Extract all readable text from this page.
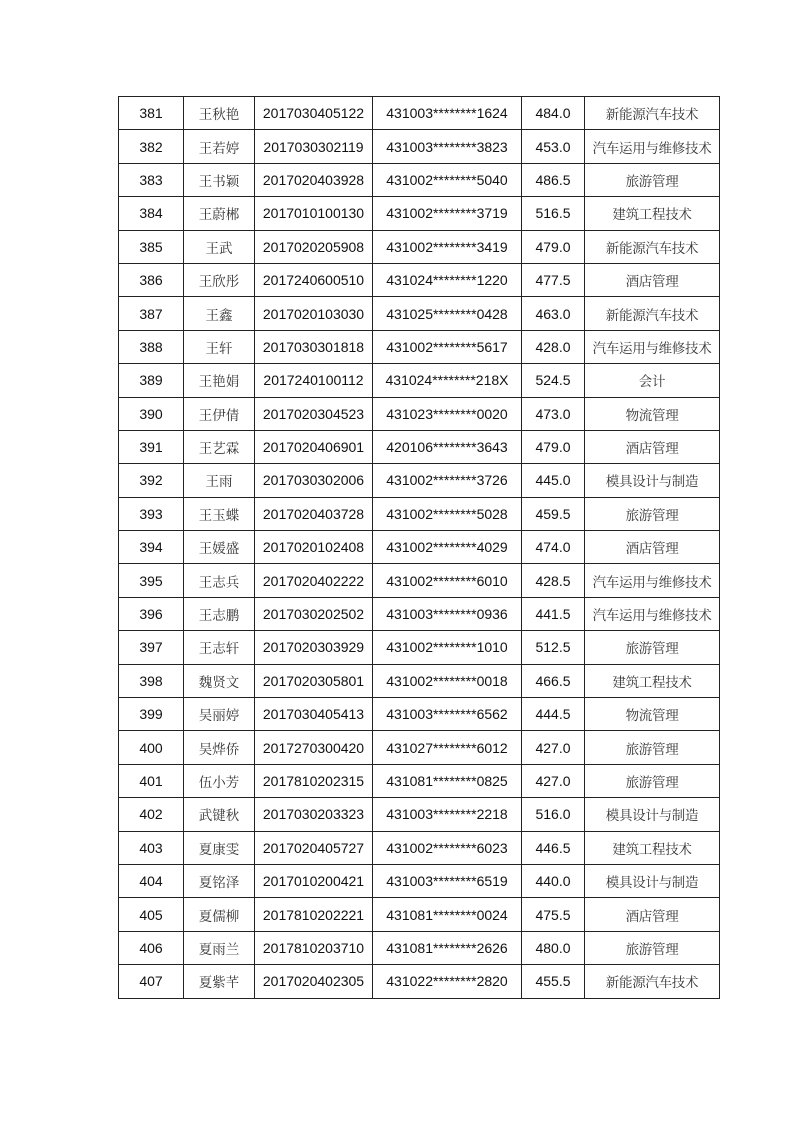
381	王秋艳	2017030405122	431003********1624	484.0	新能源汽车技术
382	王若婷	2017030302119	431003********3823	453.0	汽车运用与维修技术
383	王书颖	2017020403928	431002********5040	486.5	旅游管理
384	王蔚郴	2017010100130	431002********3719	516.5	建筑工程技术
385	王武	2017020205908	431002********3419	479.0	新能源汽车技术
386	王欣彤	2017240600510	431024********1220	477.5	酒店管理
387	王鑫	2017020103030	431025********0428	463.0	新能源汽车技术
388	王轩	2017030301818	431002********5617	428.0	汽车运用与维修技术
389	王艳娟	2017240100112	431024********218X	524.5	会计
390	王伊倩	2017020304523	431023********0020	473.0	物流管理
391	王艺霖	2017020406901	420106********3643	479.0	酒店管理
392	王雨	2017030302006	431002********3726	445.0	模具设计与制造
393	王玉蝶	2017020403728	431002********5028	459.5	旅游管理
394	王媛盛	2017020102408	431002********4029	474.0	酒店管理
395	王志兵	2017020402222	431002********6010	428.5	汽车运用与维修技术
396	王志鹏	2017030202502	431003********0936	441.5	汽车运用与维修技术
397	王志轩	2017020303929	431002********1010	512.5	旅游管理
398	魏贤文	2017020305801	431002********0018	466.5	建筑工程技术
399	吴丽婷	2017030405413	431003********6562	444.5	物流管理
400	吴烨侨	2017270300420	431027********6012	427.0	旅游管理
401	伍小芳	2017810202315	431081********0825	427.0	旅游管理
402	武键秋	2017030203323	431003********2218	516.0	模具设计与制造
403	夏康雯	2017020405727	431002********6023	446.5	建筑工程技术
404	夏铭泽	2017010200421	431003********6519	440.0	模具设计与制造
405	夏儒柳	2017810202221	431081********0024	475.5	酒店管理
406	夏雨兰	2017810203710	431081********2626	480.0	旅游管理
407	夏紫芊	2017020402305	431022********2820	455.5	新能源汽车技术
